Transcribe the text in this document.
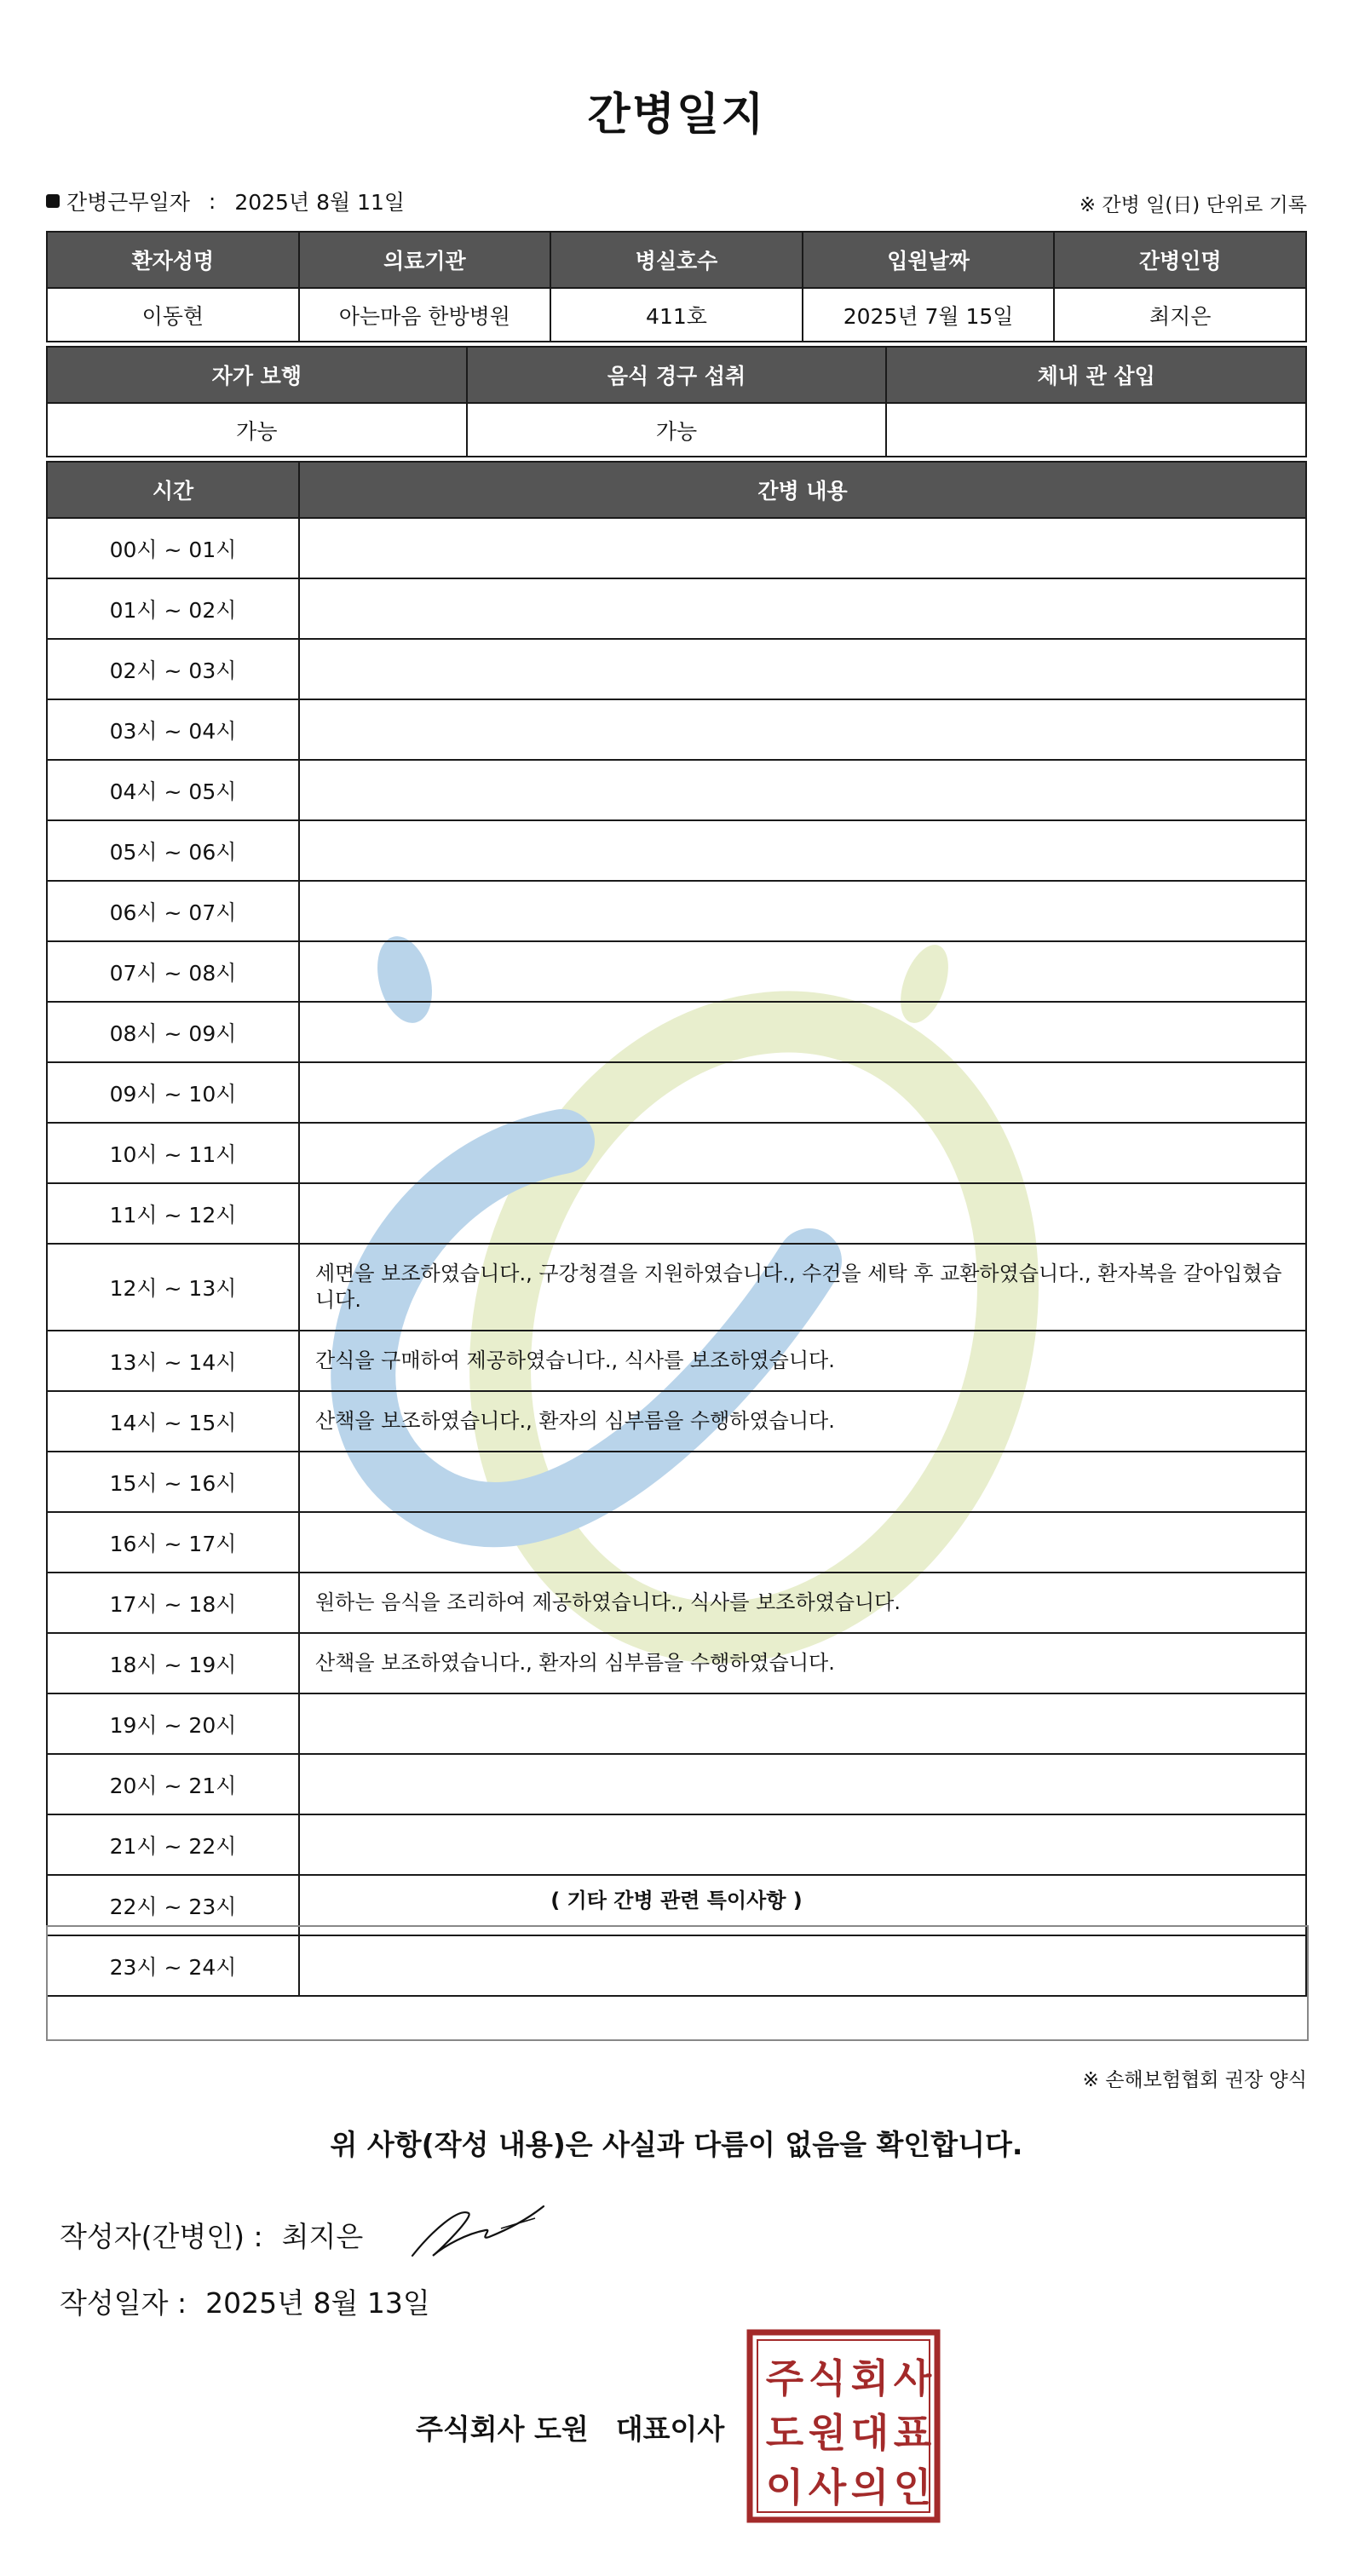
간병일지
간병근무일자 : 2025년 8월 11일	※ 간병 일(日) 단위로 기록
환자성명	의료기관	병실호수	입원날짜	간병인명
이동현	아는마음 한방병원	411호	2025년 7월 15일	최지은
자가 보행	음식 경구 섭취	체내 관 삽입
가능	가능	
시간	간병 내용
00시 ~ 01시	
01시 ~ 02시	
02시 ~ 03시	
03시 ~ 04시	
04시 ~ 05시	
05시 ~ 06시	
06시 ~ 07시	
07시 ~ 08시	
08시 ~ 09시	
09시 ~ 10시	
10시 ~ 11시	
11시 ~ 12시	
12시 ~ 13시	세면을 보조하였습니다., 구강청결을 지원하였습니다., 수건을 세탁 후 교환하였습니다., 환자복을 갈아입혔습니다.
13시 ~ 14시	간식을 구매하여 제공하였습니다., 식사를 보조하였습니다.
14시 ~ 15시	산책을 보조하였습니다., 환자의 심부름을 수행하였습니다.
15시 ~ 16시	
16시 ~ 17시	
17시 ~ 18시	원하는 음식을 조리하여 제공하였습니다., 식사를 보조하였습니다.
18시 ~ 19시	산책을 보조하였습니다., 환자의 심부름을 수행하였습니다.
19시 ~ 20시	
20시 ~ 21시	
21시 ~ 22시	
22시 ~ 23시	
23시 ~ 24시	
( 기타 간병 관련 특이사항 )
※ 손해보험협회 권장 양식
위 사항(작성 내용)은 사실과 다름이 없음을 확인합니다.
작성자(간병인) : 최지은
작성일자 : 2025년 8월 13일
주식회사 도원 대표이사
주 식 회 사
도 원 대 표
이 사 의 인
